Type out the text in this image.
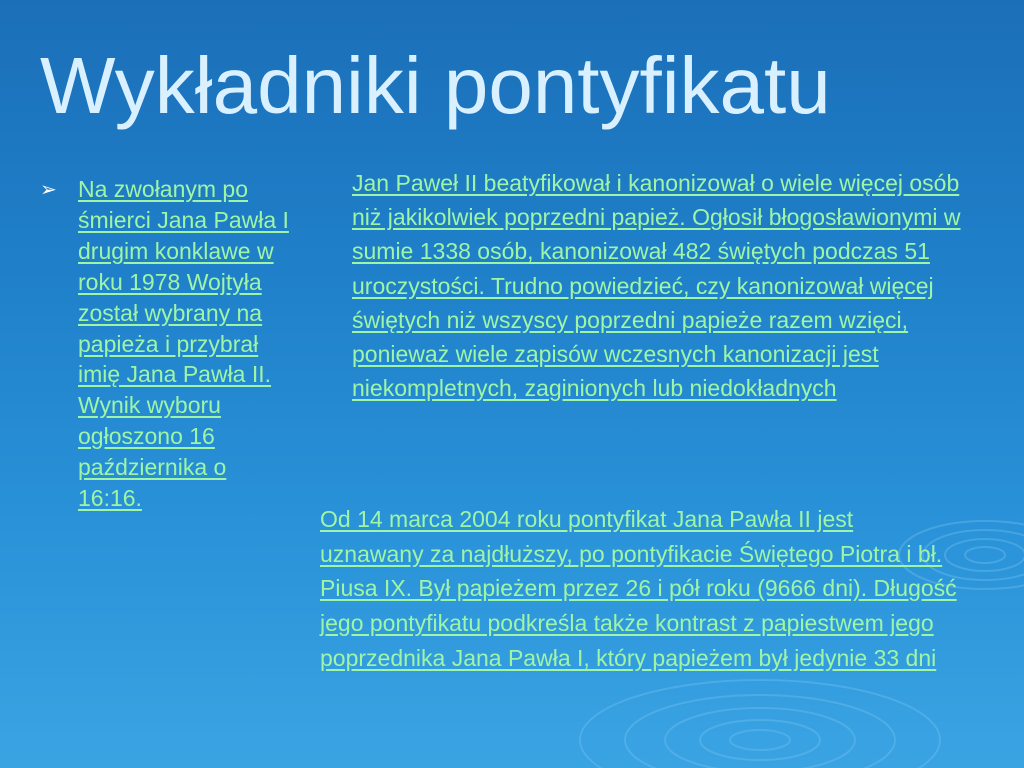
Wykładniki pontyfikatu
➢ Na zwołanym po śmierci Jana Pawła I drugim konklawe w roku 1978 Wojtyła został wybrany na papieża i przybrał imię Jana Pawła II. Wynik wyboru ogłoszono 16 października o 16:16.

Jan Paweł II beatyfikował i kanonizował o wiele więcej osób niż jakikolwiek poprzedni papież. Ogłosił błogosławionymi w sumie 1338 osób, kanonizował 482 świętych podczas 51 uroczystości. Trudno powiedzieć, czy kanonizował więcej świętych niż wszyscy poprzedni papieże razem wzięci, ponieważ wiele zapisów wczesnych kanonizacji jest niekompletnych, zaginionych lub niedokładnych

Od 14 marca 2004 roku pontyfikat Jana Pawła II jest uznawany za najdłuższy, po pontyfikacie Świętego Piotra i bł. Piusa IX. Był papieżem przez 26 i pół roku (9666 dni). Długość jego pontyfikatu podkreśla także kontrast z papiestwem jego poprzednika Jana Pawła I, który papieżem był jedynie 33 dni
